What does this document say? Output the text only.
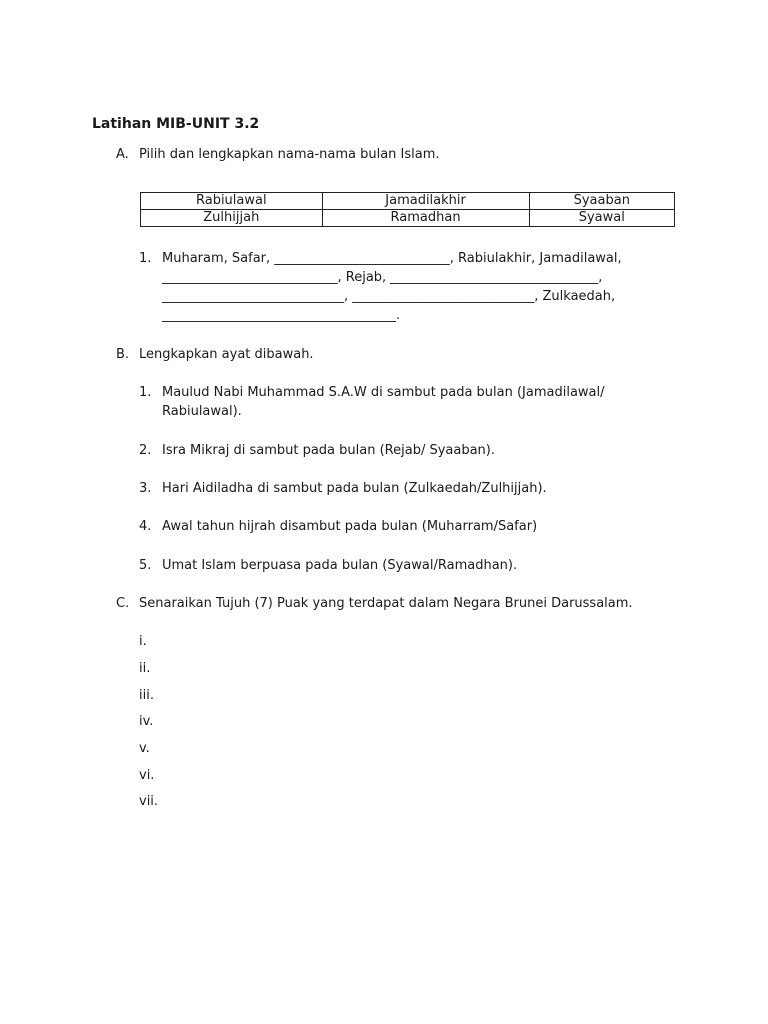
Latihan MIB-UNIT 3.2
A. Pilih dan lengkapkan nama-nama bulan Islam.
Rabiulawal	Jamadilakhir	Syaaban
Zulhijjah	Ramadhan	Syawal
1. Muharam, Safar, ___________________________, Rabiulakhir, Jamadilawal,
___________________________, Rejab, ________________________________,
____________________________, ____________________________, Zulkaedah,
____________________________________.
B. Lengkapkan ayat dibawah.
1. Maulud Nabi Muhammad S.A.W di sambut pada bulan (Jamadilawal/
Rabiulawal).
2. Isra Mikraj di sambut pada bulan (Rejab/ Syaaban).
3. Hari Aidiladha di sambut pada bulan (Zulkaedah/Zulhijjah).
4. Awal tahun hijrah disambut pada bulan (Muharram/Safar)
5. Umat Islam berpuasa pada bulan (Syawal/Ramadhan).
C. Senaraikan Tujuh (7) Puak yang terdapat dalam Negara Brunei Darussalam.
i.
ii.
iii.
iv.
v.
vi.
vii.
